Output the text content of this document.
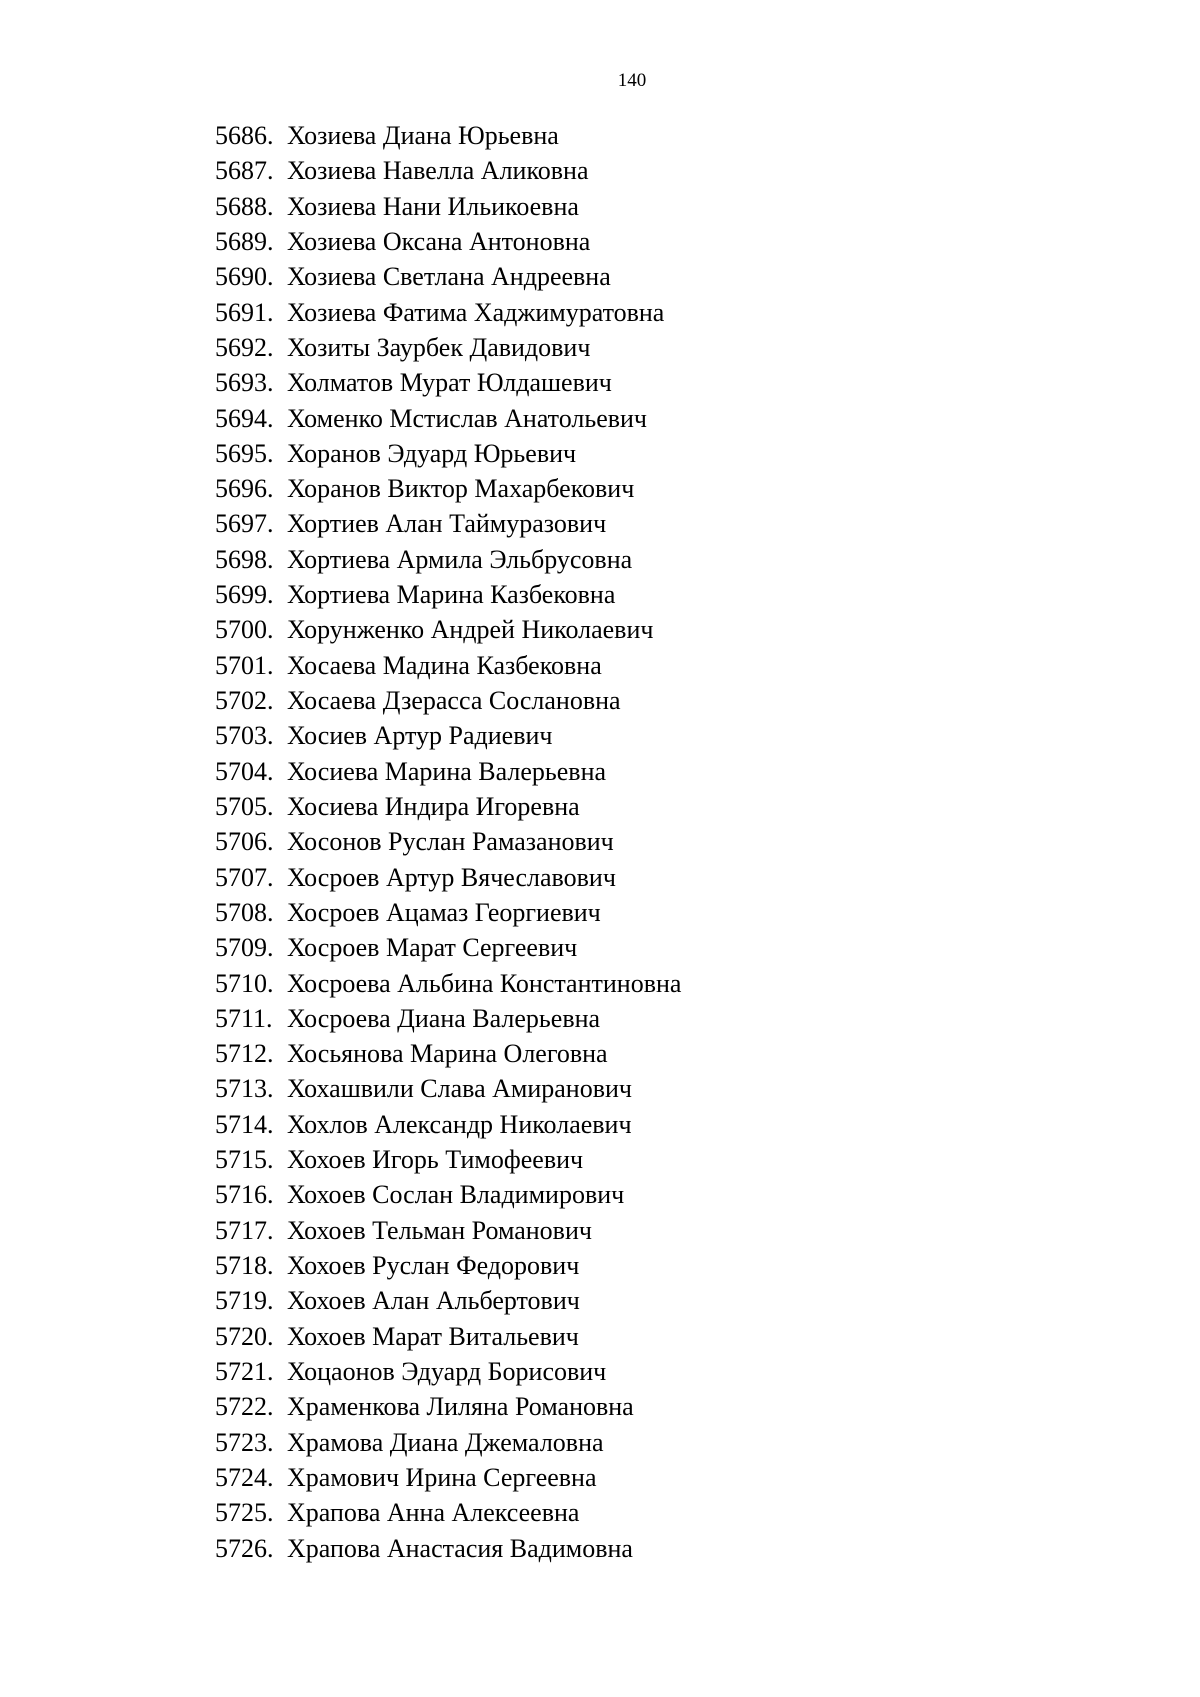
140
5686. Хозиева Диана Юрьевна
5687. Хозиева Навелла Аликовна
5688. Хозиева Нани Ильикоевна
5689. Хозиева Оксана Антоновна
5690. Хозиева Светлана Андреевна
5691. Хозиева Фатима Хаджимуратовна
5692. Хозиты Заурбек Давидович
5693. Холматов Мурат Юлдашевич
5694. Хоменко Мстислав Анатольевич
5695. Хоранов Эдуард Юрьевич
5696. Хоранов Виктор Махарбекович
5697. Хортиев Алан Таймуразович
5698. Хортиева Армила Эльбрусовна
5699. Хортиева Марина Казбековна
5700. Хорунженко Андрей Николаевич
5701. Хосаева Мадина Казбековна
5702. Хосаева Дзерасса Сослановна
5703. Хосиев Артур Радиевич
5704. Хосиева Марина Валерьевна
5705. Хосиева Индира Игоревна
5706. Хосонов Руслан Рамазанович
5707. Хосроев Артур Вячеславович
5708. Хосроев Ацамаз Георгиевич
5709. Хосроев Марат Сергеевич
5710. Хосроева Альбина Константиновна
5711. Хосроева Диана Валерьевна
5712. Хосьянова Марина Олеговна
5713. Хохашвили Слава Амиранович
5714. Хохлов Александр Николаевич
5715. Хохоев Игорь Тимофеевич
5716. Хохоев Сослан Владимирович
5717. Хохоев Тельман Романович
5718. Хохоев Руслан Федорович
5719. Хохоев Алан Альбертович
5720. Хохоев Марат Витальевич
5721. Хоцаонов Эдуард Борисович
5722. Храменкова Лиляна Романовна
5723. Храмова Диана Джемаловна
5724. Храмович Ирина Сергеевна
5725. Храпова Анна Алексеевна
5726. Храпова Анастасия Вадимовна
